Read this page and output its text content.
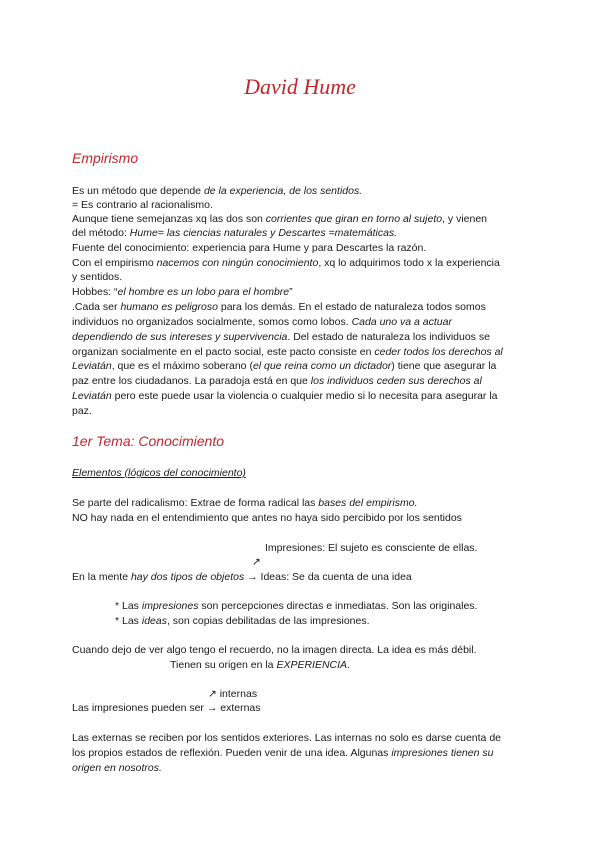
David Hume
Empirismo
Es un método que depende de la experiencia, de los sentidos.
= Es contrario al racionalismo.
Aunque tiene semejanzas xq las dos son corrientes que giran en torno al sujeto, y vienen
del método: Hume= las ciencias naturales y Descartes =matemáticas.
Fuente del conocimiento: experiencia para Hume y para Descartes la razón.
Con el empirismo nacemos con ningún conocimiento, xq lo adquirimos todo x la experiencia
y sentidos.
Hobbes: “el hombre es un lobo para el hombre”
.Cada ser humano es peligroso para los demás. En el estado de naturaleza todos somos
individuos no organizados socialmente, somos como lobos. Cada uno va a actuar
dependiendo de sus intereses y supervivencia. Del estado de naturaleza los individuos se
organizan socialmente en el pacto social, este pacto consiste en ceder todos los derechos al
Leviatán, que es el máximo soberano (el que reina como un dictador) tiene que asegurar la
paz entre los ciudadanos. La paradoja está en que los individuos ceden sus derechos al
Leviatán pero este puede usar la violencia o cualquier medio si lo necesita para asegurar la
paz.
1er Tema: Conocimiento
Elementos (lógicos del conocimiento)
Se parte del radicalismo: Extrae de forma radical las bases del empirismo.
NO hay nada en el entendimiento que antes no haya sido percibido por los sentidos
Impresiones: El sujeto es consciente de ellas.
↗
En la mente hay dos tipos de objetos → Ideas: Se da cuenta de una idea
* Las impresiones son percepciones directas e inmediatas. Son las originales.
* Las ideas, son copias debilitadas de las impresiones.
Cuando dejo de ver algo tengo el recuerdo, no la imagen directa. La idea es más débil.
Tienen su origen en la EXPERIENCIA.
↗ internas
Las impresiones pueden ser → externas
Las externas se reciben por los sentidos exteriores. Las internas no solo es darse cuenta de
los propios estados de reflexión. Pueden venir de una idea. Algunas impresiones tienen su
origen en nosotros.
